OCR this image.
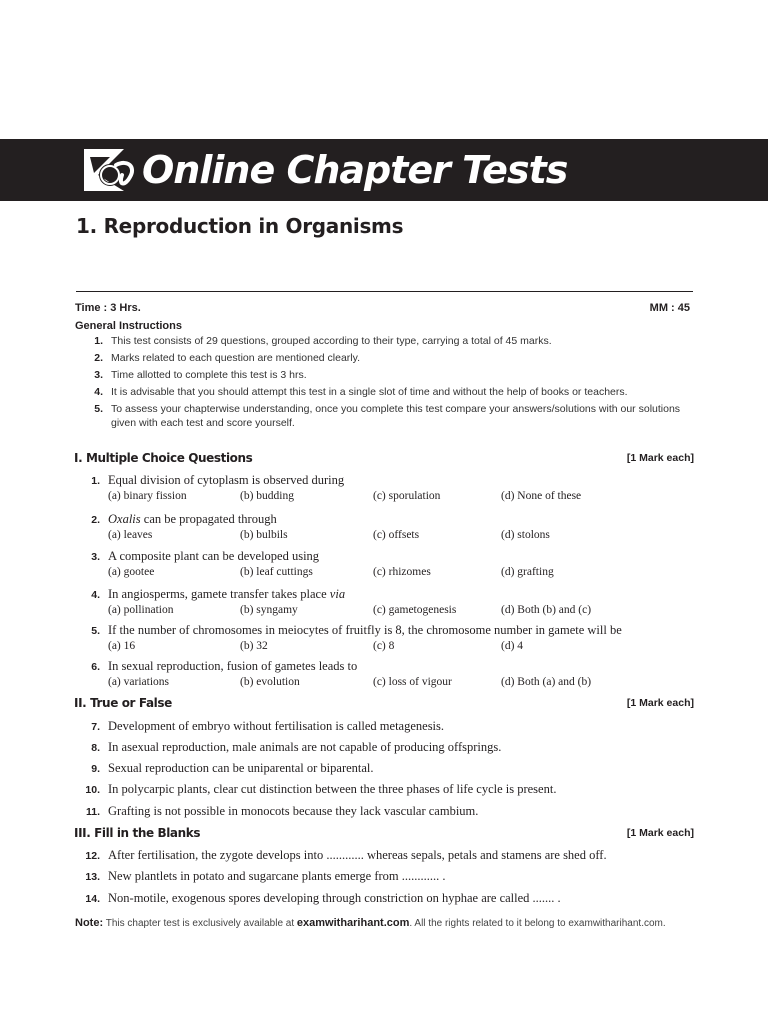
Online Chapter Tests
1. Reproduction in Organisms
Time : 3 Hrs.	MM : 45
General Instructions
1. This test consists of 29 questions, grouped according to their type, carrying a total of 45 marks.
2. Marks related to each question are mentioned clearly.
3. Time allotted to complete this test is 3 hrs.
4. It is advisable that you should attempt this test in a single slot of time and without the help of books or teachers.
5. To assess your chapterwise understanding, once you complete this test compare your answers/solutions with our solutions given with each test and score yourself.
I. Multiple Choice Questions	[1 Mark each]
1. Equal division of cytoplasm is observed during
(a) binary fission	(b) budding	(c) sporulation	(d) None of these
2. Oxalis can be propagated through
(a) leaves	(b) bulbils	(c) offsets	(d) stolons
3. A composite plant can be developed using
(a) gootee	(b) leaf cuttings	(c) rhizomes	(d) grafting
4. In angiosperms, gamete transfer takes place via
(a) pollination	(b) syngamy	(c) gametogenesis	(d) Both (b) and (c)
5. If the number of chromosomes in meiocytes of fruitfly is 8, the chromosome number in gamete will be
(a) 16	(b) 32	(c) 8	(d) 4
6. In sexual reproduction, fusion of gametes leads to
(a) variations	(b) evolution	(c) loss of vigour	(d) Both (a) and (b)
II. True or False	[1 Mark each]
7. Development of embryo without fertilisation is called metagenesis.
8. In asexual reproduction, male animals are not capable of producing offsprings.
9. Sexual reproduction can be uniparental or biparental.
10. In polycarpic plants, clear cut distinction between the three phases of life cycle is present.
11. Grafting is not possible in monocots because they lack vascular cambium.
III. Fill in the Blanks	[1 Mark each]
12. After fertilisation, the zygote develops into ............ whereas sepals, petals and stamens are shed off.
13. New plantlets in potato and sugarcane plants emerge from ............ .
14. Non-motile, exogenous spores developing through constriction on hyphae are called ....... .
Note: This chapter test is exclusively available at examwitharihant.com. All the rights related to it belong to examwitharihant.com.
